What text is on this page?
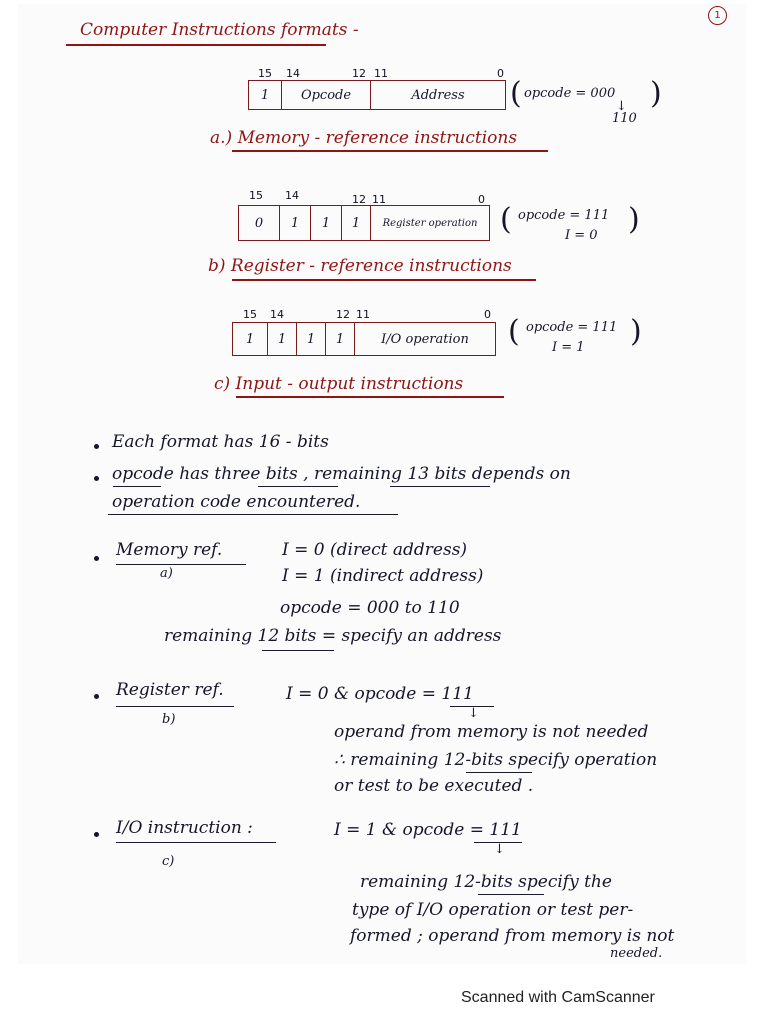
1
Computer Instructions formats -
15 14	12 11	0
1	Opcode	Address	( opcode = 000
↓
110
)
a.) Memory - reference instructions
15 14	12 11	0
0	1	1	1	Register operation ( opcode = 111
I = 0 )
b) Register - reference instructions
15 14	12 11	0
1	1	1	1	I/O operation	( opcode = 111
I = 1 )
c) Input - output instructions
Each format has 16 - bits
opcode has three bits , remaining 13 bits depends on
operation code encountered.
Memory ref.
a)
I = 0 (direct address)
I = 1 (indirect address)
opcode = 000 to 110
remaining 12 bits = specify an address
Register ref.
b)
I = 0 & opcode = 111
↓
operand from memory is not needed
∴ remaining 12-bits specify operation
or test to be executed .
I/O instruction :
c)
I = 1 & opcode = 111
↓
remaining 12-bits specify the
type of I/O operation or test per-
formed ; operand from memory is not
needed.
Scanned with CamScanner
